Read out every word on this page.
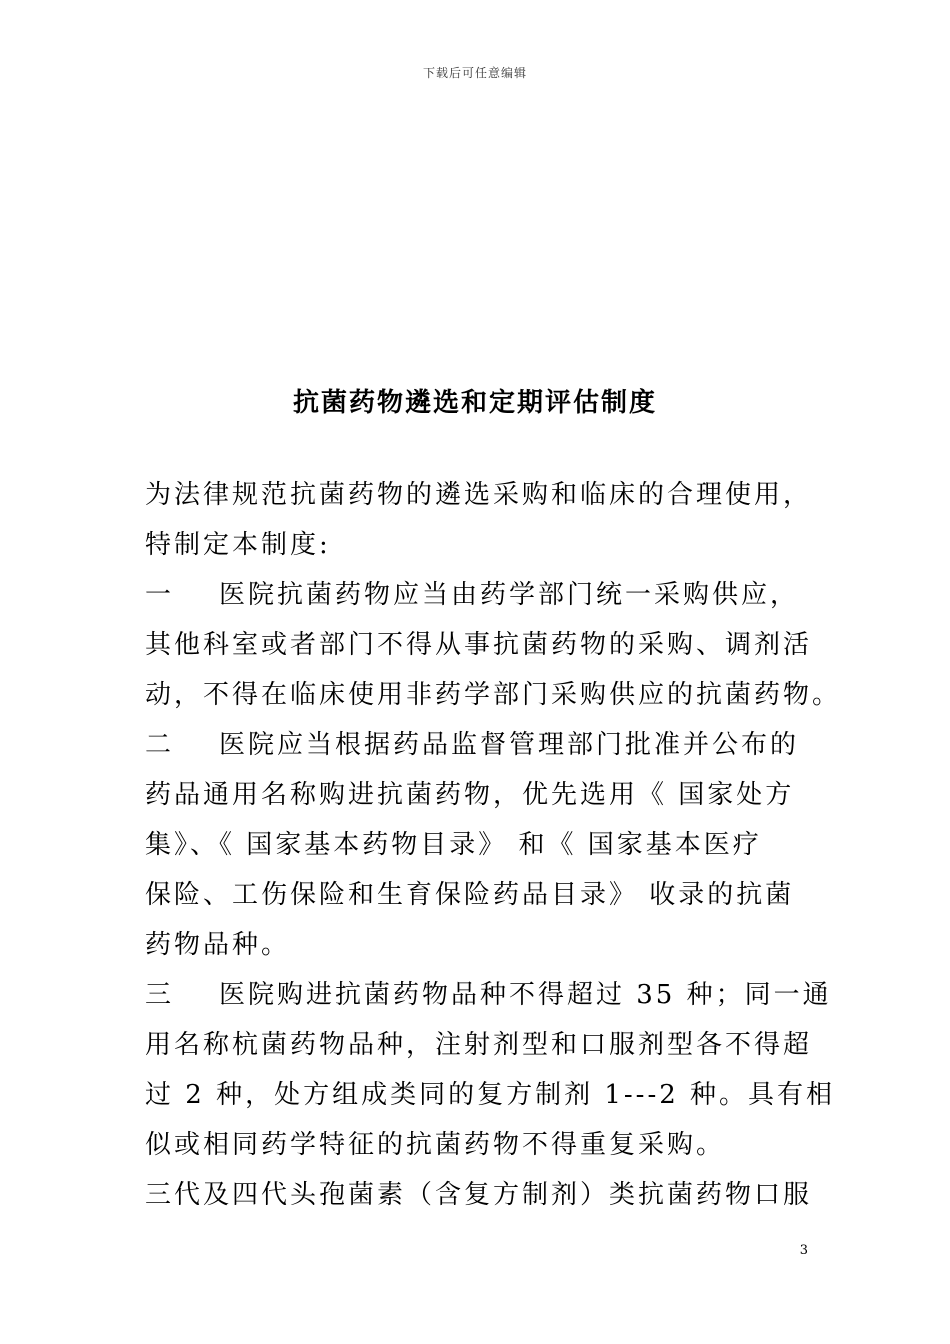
下载后可任意编辑
抗菌药物遴选和定期评估制度
为法律规范抗菌药物的遴选采购和临床的合理使用，
特制定本制度:
一 医院抗菌药物应当由药学部门统一采购供应，
其他科室或者部门不得从事抗菌药物的采购、调剂活
动，不得在临床使用非药学部门采购供应的抗菌药物。
二 医院应当根据药品监督管理部门批准并公布的
药品通用名称购进抗菌药物，优先选用《 国家处方
集》、《 国家基本药物目录》 和《 国家基本医疗
保险、工伤保险和生育保险药品目录》 收录的抗菌
药物品种。
三 医院购进抗菌药物品种不得超过 35 种；同一通
用名称杭菌药物品种，注射剂型和口服剂型各不得超
过 2 种，处方组成类同的复方制剂 1---2 种。具有相
似或相同药学特征的抗菌药物不得重复采购。
三代及四代头孢菌素（含复方制剂）类抗菌药物口服
3
